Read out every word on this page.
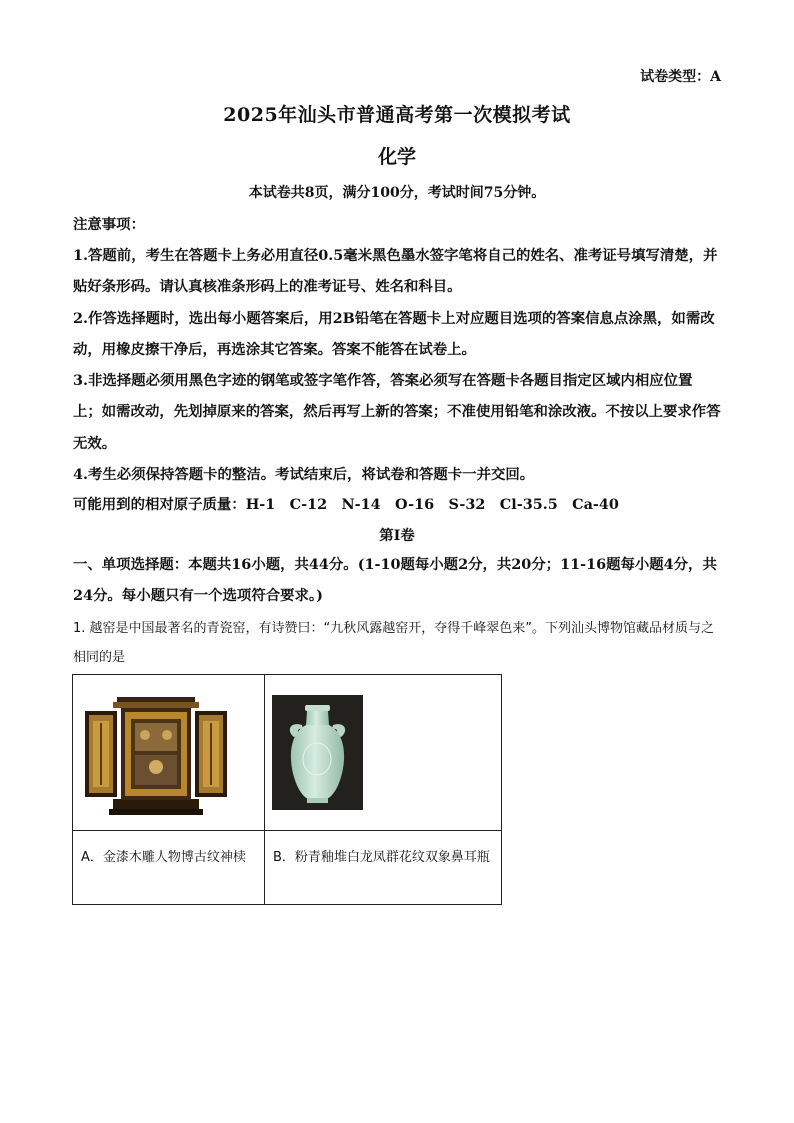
试卷类型：A
2025年汕头市普通高考第一次模拟考试
化学
本试卷共8页，满分100分，考试时间75分钟。
注意事项：

1.答题前，考生在答题卡上务必用直径0.5毫米黑色墨水签字笔将自己的姓名、准考证号填写清楚，并贴好条形码。请认真核准条形码上的准考证号、姓名和科目。

2.作答选择题时，选出每小题答案后，用2B铅笔在答题卡上对应题目选项的答案信息点涂黑，如需改动，用橡皮擦干净后，再选涂其它答案。答案不能答在试卷上。

3.非选择题必须用黑色字迹的钢笔或签字笔作答，答案必须写在答题卡各题目指定区域内相应位置上；如需改动，先划掉原来的答案，然后再写上新的答案；不准使用铅笔和涂改液。不按以上要求作答无效。

4.考生必须保持答题卡的整洁。考试结束后，将试卷和答题卡一并交回。

可能用到的相对原子质量：H-1　C-12　N-14　O-16　S-32　Cl-35.5　Ca-40
第I卷

一、单项选择题：本题共16小题，共44分。(1-10题每小题2分，共20分；11-16题每小题4分，共24分。每小题只有一个选项符合要求。)

1. 越窑是中国最著名的青瓷窑，有诗赞曰：“九秋风露越窑开，夺得千峰翠色来”。下列汕头博物馆藏品材质与之相同的是

A．金漆木雕人物博古纹神椟	B．粉青釉堆白龙凤群花纹双象鼻耳瓶
